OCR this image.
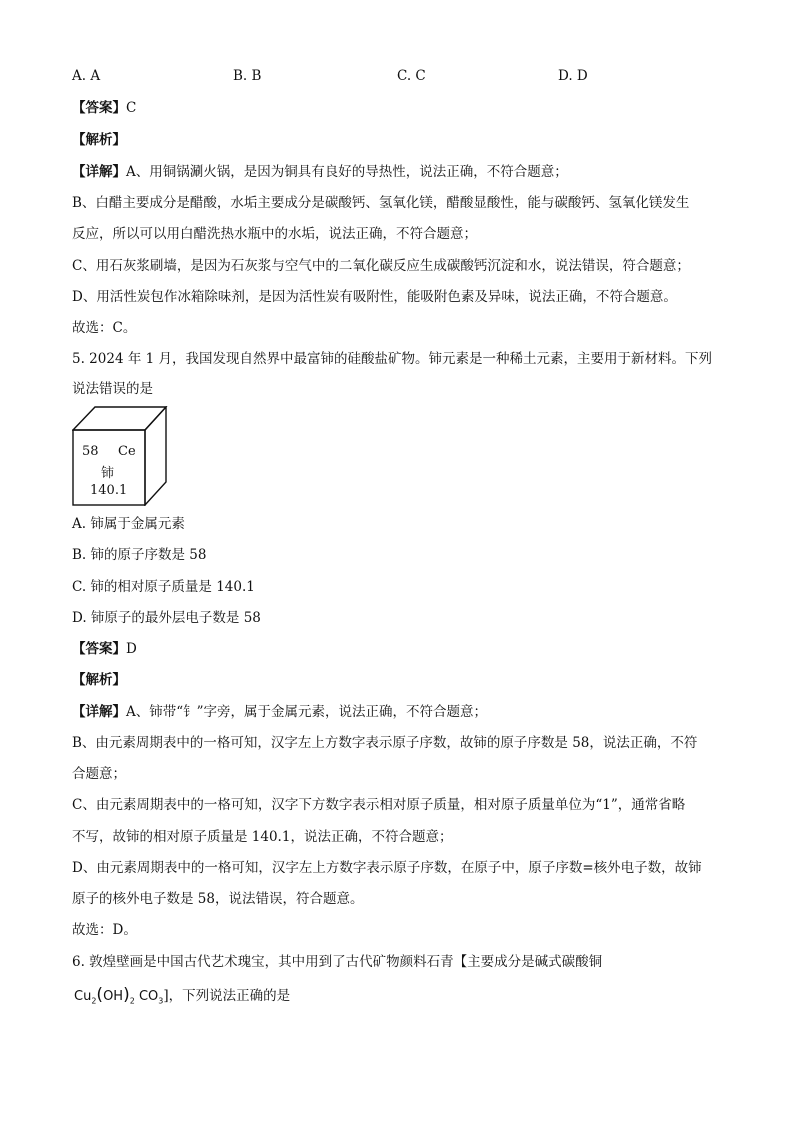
A. A	B. B	C. C	D. D
【答案】C
【解析】
【详解】A、用铜锅涮火锅，是因为铜具有良好的导热性，说法正确，不符合题意；
B、白醋主要成分是醋酸，水垢主要成分是碳酸钙、氢氧化镁，醋酸显酸性，能与碳酸钙、氢氧化镁发生
反应，所以可以用白醋洗热水瓶中的水垢，说法正确，不符合题意；
C、用石灰浆刷墙，是因为石灰浆与空气中的二氧化碳反应生成碳酸钙沉淀和水，说法错误，符合题意；
D、用活性炭包作冰箱除味剂，是因为活性炭有吸附性，能吸附色素及异味，说法正确，不符合题意。
故选：C。
5. 2024 年 1 月，我国发现自然界中最富铈的硅酸盐矿物。铈元素是一种稀土元素，主要用于新材料。下列
说法错误的是
58 Ce
铈
140.1
A. 铈属于金属元素
B. 铈的原子序数是 58
C. 铈的相对原子质量是 140.1
D. 铈原子的最外层电子数是 58
【答案】D
【解析】
【详解】A、铈带“钅”字旁，属于金属元素，说法正确，不符合题意；
B、由元素周期表中的一格可知，汉字左上方数字表示原子序数，故铈的原子序数是 58，说法正确，不符
合题意；
C、由元素周期表中的一格可知，汉字下方数字表示相对原子质量，相对原子质量单位为“1”，通常省略
不写，故铈的相对原子质量是 140.1，说法正确，不符合题意；
D、由元素周期表中的一格可知，汉字左上方数字表示原子序数，在原子中，原子序数=核外电子数，故铈
原子的核外电子数是 58，说法错误，符合题意。
故选：D。
6. 敦煌壁画是中国古代艺术瑰宝，其中用到了古代矿物颜料石青【主要成分是碱式碳酸铜
$Cu_2(OH)_2$ $CO_3$]，下列说法正确的是
